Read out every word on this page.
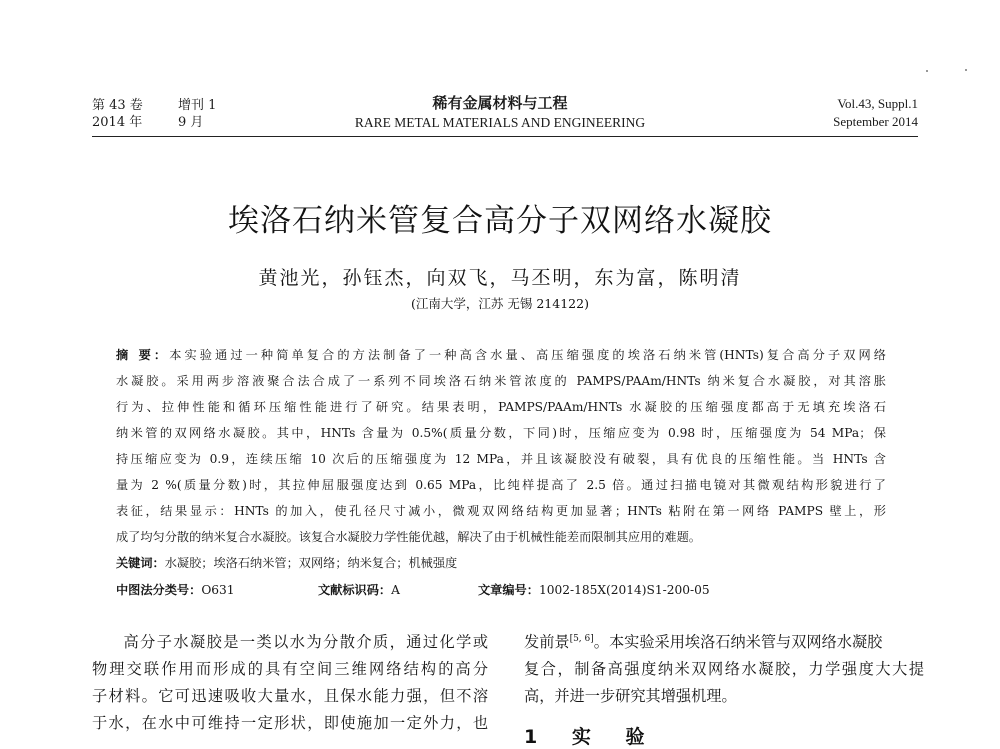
第 43 卷
2014 年
增刊 1
9 月
稀有金属材料与工程
RARE METAL MATERIALS AND ENGINEERING
Vol.43, Suppl.1
September 2014
埃洛石纳米管复合高分子双网络水凝胶
黄池光，孙钰杰，向双飞，马丕明，东为富，陈明清
(江南大学，江苏 无锡 214122)
摘 要：本实验通过一种简单复合的方法制备了一种高含水量、高压缩强度的埃洛石纳米管(HNTs)复合高分子双网络
水凝胶。采用两步溶液聚合法合成了一系列不同埃洛石纳米管浓度的 PAMPS/PAAm/HNTs 纳米复合水凝胶，对其溶胀
行为、拉伸性能和循环压缩性能进行了研究。结果表明，PAMPS/PAAm/HNTs 水凝胶的压缩强度都高于无填充埃洛石
纳米管的双网络水凝胶。其中，HNTs 含量为 0.5%(质量分数，下同)时，压缩应变为 0.98 时，压缩强度为 54 MPa；保
持压缩应变为 0.9，连续压缩 10 次后的压缩强度为 12 MPa，并且该凝胶没有破裂，具有优良的压缩性能。当 HNTs 含
量为 2 %(质量分数)时，其拉伸屈服强度达到 0.65 MPa，比纯样提高了 2.5 倍。通过扫描电镜对其微观结构形貌进行了
表征，结果显示：HNTs 的加入，使孔径尺寸减小，微观双网络结构更加显著；HNTs 粘附在第一网络 PAMPS 壁上，形
成了均匀分散的纳米复合水凝胶。该复合水凝胶力学性能优越，解决了由于机械性能差而限制其应用的难题。
关键词：水凝胶；埃洛石纳米管；双网络；纳米复合；机械强度
中图法分类号：O631	文献标识码：A	文章编号：1002-185X(2014)S1-200-05
高分子水凝胶是一类以水为分散介质，通过化学或
物理交联作用而形成的具有空间三维网络结构的高分
子材料。它可迅速吸收大量水，且保水能力强，但不溶
于水，在水中可维持一定形状，即使施加一定外力，也
发前景[5, 6]。本实验采用埃洛石纳米管与双网络水凝胶
复合，制备高强度纳米双网络水凝胶，力学强度大大提
高，并进一步研究其增强机理。
1 实 验
